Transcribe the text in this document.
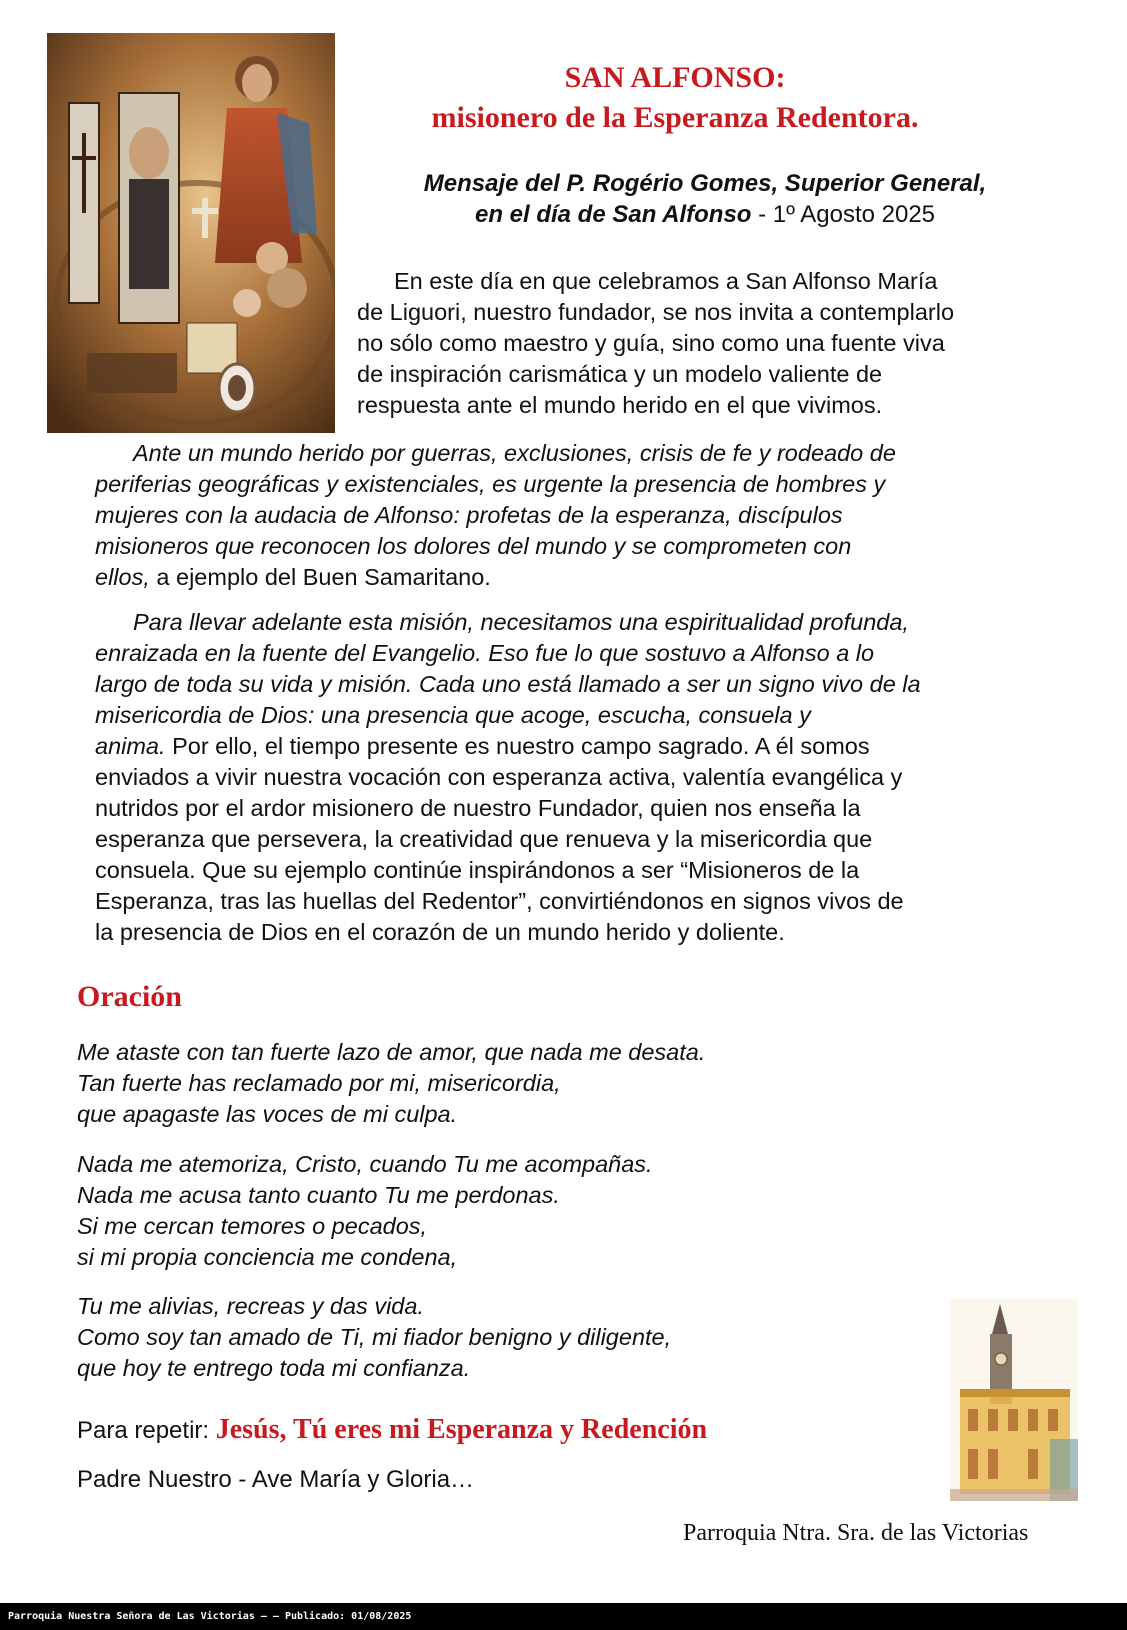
SAN ALFONSO:
misionero de la Esperanza Redentora.
Mensaje del P. Rogério Gomes, Superior General,
en el día de San Alfonso - 1º Agosto 2025
En este día en que celebramos a San Alfonso María
de Liguori, nuestro fundador, se nos invita a contemplarlo
no sólo como maestro y guía, sino como una fuente viva
de inspiración carismática y un modelo valiente de
respuesta ante el mundo herido en el que vivimos.
Ante un mundo herido por guerras, exclusiones, crisis de fe y rodeado de
periferias geográficas y existenciales, es urgente la presencia de hombres y
mujeres con la audacia de Alfonso: profetas de la esperanza, discípulos
misioneros que reconocen los dolores del mundo y se comprometen con
ellos, a ejemplo del Buen Samaritano.
Para llevar adelante esta misión, necesitamos una espiritualidad profunda,
enraizada en la fuente del Evangelio. Eso fue lo que sostuvo a Alfonso a lo
largo de toda su vida y misión. Cada uno está llamado a ser un signo vivo de la
misericordia de Dios: una presencia que acoge, escucha, consuela y
anima. Por ello, el tiempo presente es nuestro campo sagrado. A él somos
enviados a vivir nuestra vocación con esperanza activa, valentía evangélica y
nutridos por el ardor misionero de nuestro Fundador, quien nos enseña la
esperanza que persevera, la creatividad que renueva y la misericordia que
consuela. Que su ejemplo continúe inspirándonos a ser “Misioneros de la
Esperanza, tras las huellas del Redentor”, convirtiéndonos en signos vivos de
la presencia de Dios en el corazón de un mundo herido y doliente.
Oración
Me ataste con tan fuerte lazo de amor, que nada me desata.
Tan fuerte has reclamado por mi, misericordia,
que apagaste las voces de mi culpa.
Nada me atemoriza, Cristo, cuando Tu me acompañas.
Nada me acusa tanto cuanto Tu me perdonas.
Si me cercan temores o pecados,
si mi propia conciencia me condena,
Tu me alivias, recreas y das vida.
Como soy tan amado de Ti, mi fiador benigno y diligente,
que hoy te entrego toda mi confianza.
Para repetir: Jesús, Tú eres mi Esperanza y Redención
Padre Nuestro - Ave María y Gloria…
Parroquia Ntra. Sra. de las Victorias
Parroquia Nuestra Señora de Las Victorias – – Publicado: 01/08/2025
